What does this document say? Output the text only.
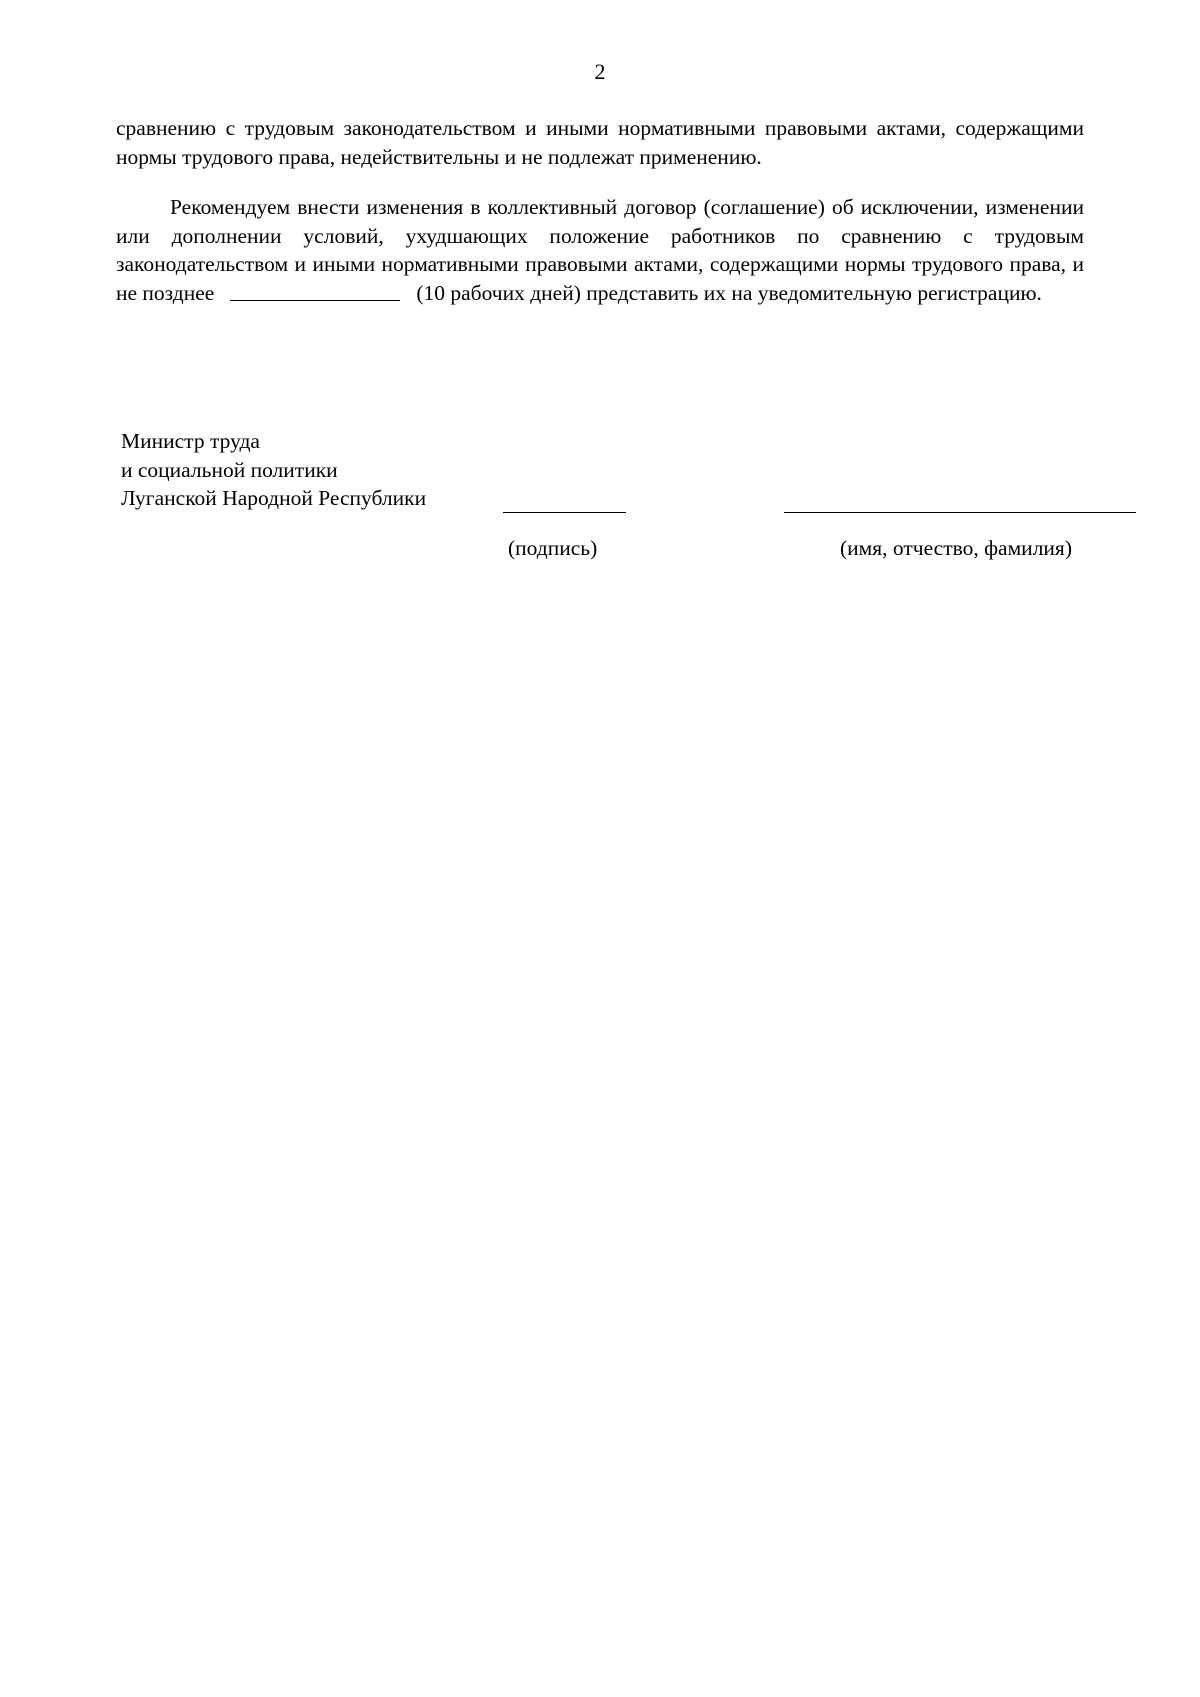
2

сравнению с трудовым законодательством и иными нормативными правовыми актами, содержащими нормы трудового права, недействительны и не подлежат применению.

Рекомендуем внести изменения в коллективный договор (соглашение) об исключении, изменении или дополнении условий, ухудшающих положение работников по сравнению с трудовым законодательством и иными нормативными правовыми актами, содержащими нормы трудового права, и не позднее	(10 рабочих дней) представить их на уведомительную регистрацию.

Министр труда
и социальной политики
Луганской Народной Республики
(подпись)	(имя, отчество, фамилия)
